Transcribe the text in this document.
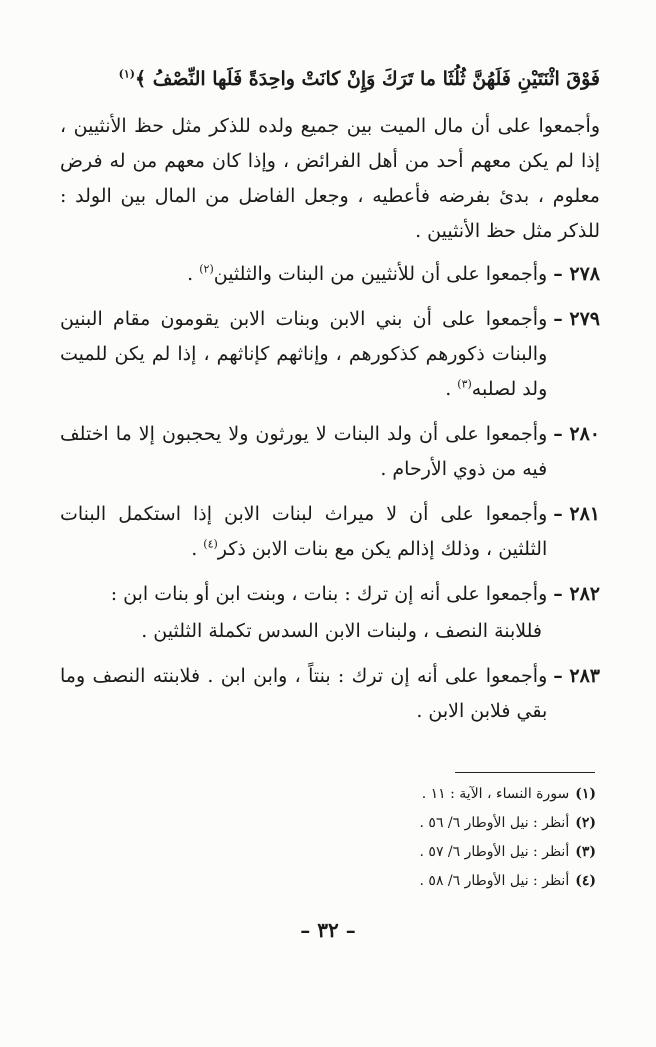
فَوْقَ اثْنَتَيْنِ فَلَهُنَّ ثُلُثَا ما تَرَكَ وَإِنْ كانَتْ واحِدَةً فَلَها النِّصْفُ ﴾$^{(١)}$

وأجمعوا على أن مال الميت بين جميع ولده للذكر مثل حظ الأنثيين ، إذا لم يكن معهم أحد من أهل الفرائض ، وإذا كان معهم من له فرض معلوم ، بدئ بفرضه فأعطيه ، وجعل الفاضل من المال بين الولد : للذكر مثل حظ الأنثيين .

٢٧٨ –
وأجمعوا على أن للأنثيين من البنات والثلثين$^{(٢)}$ .
٢٧٩ –
وأجمعوا على أن بني الابن وبنات الابن يقومون مقام البنين والبنات ذكورهم كذكورهم ، وإناثهم كإناثهم ، إذا لم يكن للميت ولد لصلبه$^{(٣)}$ .
٢٨٠ –
وأجمعوا على أن ولد البنات لا يورثون ولا يحجبون إلا ما اختلف فيه من ذوي الأرحام .
٢٨١ –
وأجمعوا على أن لا ميراث لبنات الابن إذا استكمل البنات الثلثين ، وذلك إذالم يكن مع بنات الابن ذكر$^{(٤)}$ .
٢٨٢ –
وأجمعوا على أنه إن ترك : بنات ، وبنت ابن أو بنات ابن :
فللابنة النصف ، ولبنات الابن السدس تكملة الثلثين .
٢٨٣ –
وأجمعوا على أنه إن ترك : بنتاً ، وابن ابن . فلابنته النصف وما بقي فلابن الابن .

(١)سورة النساء ، الآية : ١١ .

(٢)أنظر : نيل الأوطار ٦/ ٥٦ .

(٣)أنظر : نيل الأوطار ٦/ ٥٧ .

(٤)أنظر : نيل الأوطار ٦/ ٥٨ .

– ٣٢ –
